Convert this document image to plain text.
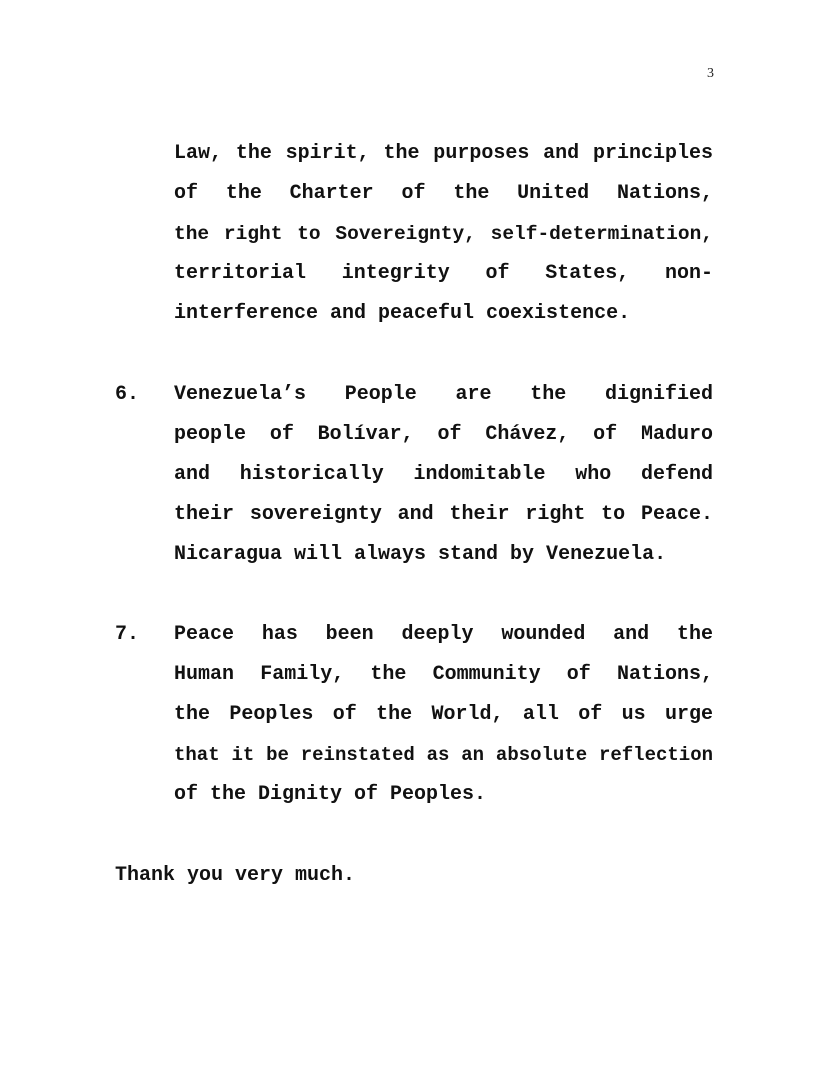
3
Law, the spirit, the purposes and principles
of the Charter of the United Nations,
the right to Sovereignty, self-determination,
territorial integrity of States, non-
interference and peaceful coexistence.
6. Venezuela’s People are the dignified
people of Bolívar, of Chávez, of Maduro
and historically indomitable who defend
their sovereignty and their right to Peace.
Nicaragua will always stand by Venezuela.
7. Peace has been deeply wounded and the
Human Family, the Community of Nations,
the Peoples of the World, all of us urge
that it be reinstated as an absolute reflection
of the Dignity of Peoples.
Thank you very much.
